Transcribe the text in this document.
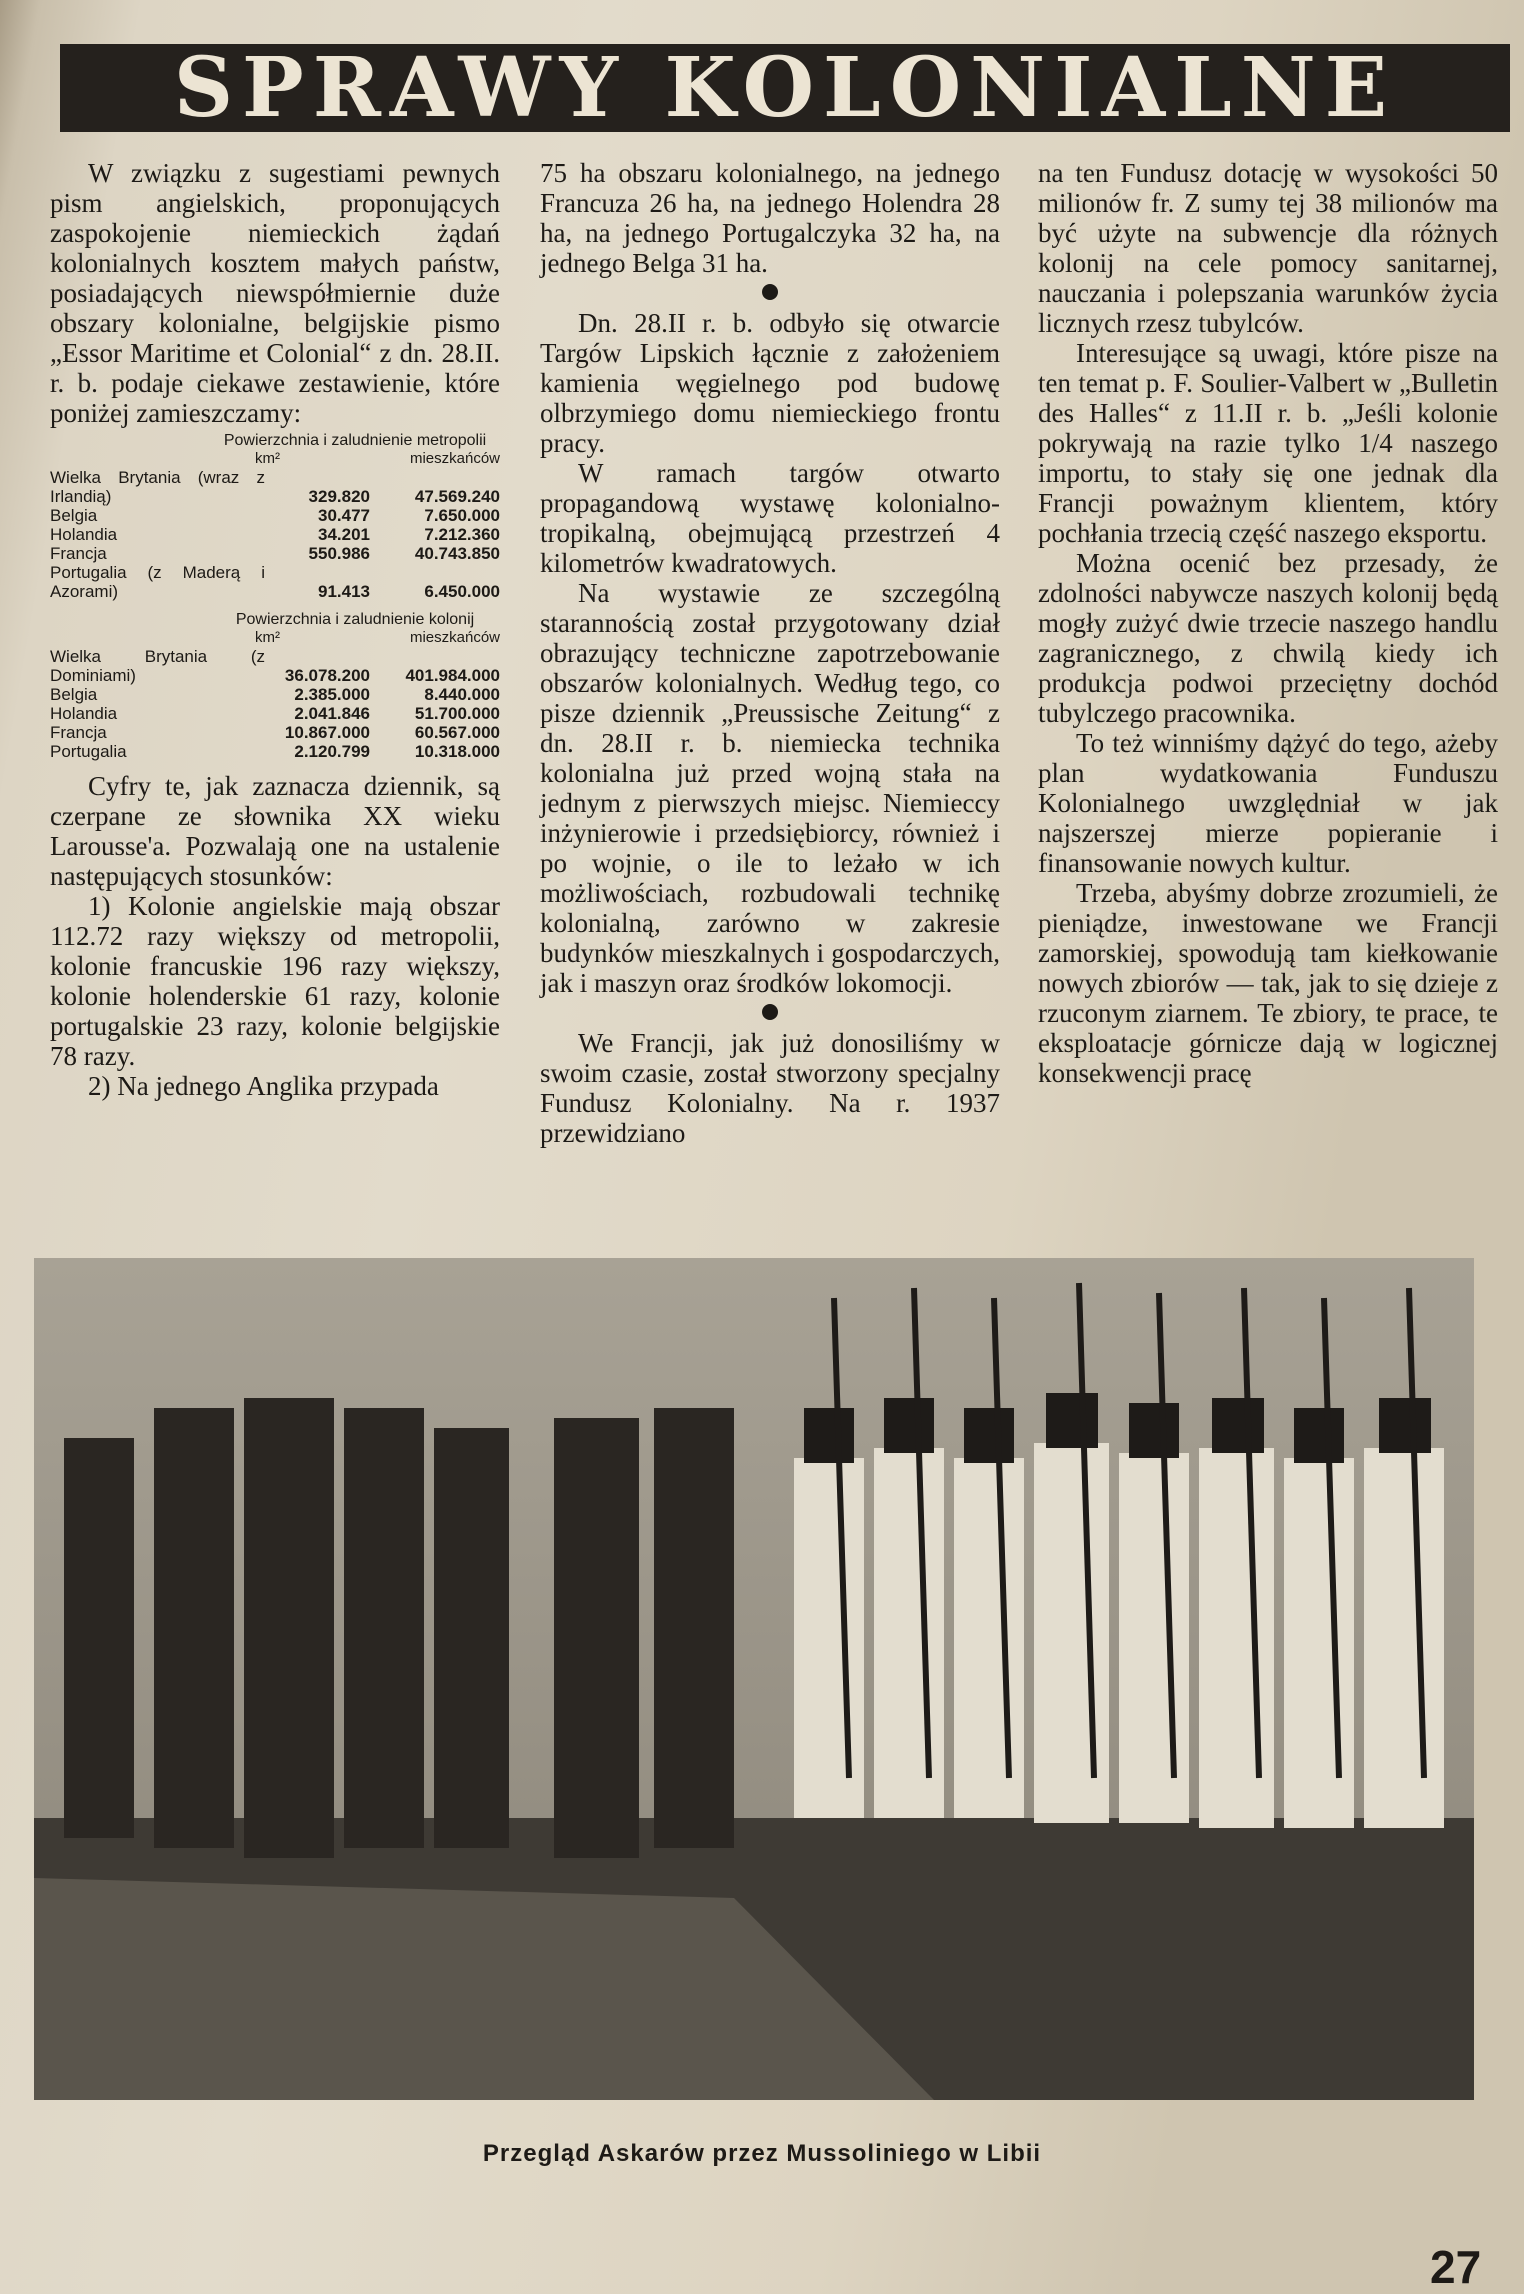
SPRAWY KOLONIALNE

W związku z sugestiami pewnych pism angielskich, proponujących zaspokojenie niemieckich żądań kolonialnych kosztem małych państw, posiadających niewspółmiernie duże obszary kolonialne, belgijskie pismo „Essor Maritime et Colonial“ z dn. 28.II. r. b. podaje ciekawe zestawienie, które poniżej zamieszczamy:

Powierzchnia i zaludnienie metropolii
km²	mieszkańców
Wielka Brytania (wraz z Irlandią)	329.820	47.569.240
Belgia	30.477	7.650.000
Holandia	34.201	7.212.360
Francja	550.986	40.743.850
Portugalia (z Maderą i Azorami)	91.413	6.450.000
Powierzchnia i zaludnienie kolonij
km²	mieszkańców
Wielka Brytania (z Dominiami)	36.078.200	401.984.000
Belgia	2.385.000	8.440.000
Holandia	2.041.846	51.700.000
Francja	10.867.000	60.567.000
Portugalia	2.120.799	10.318.000

Cyfry te, jak zaznacza dziennik, są czerpane ze słownika XX wieku Larousse'a. Pozwalają one na ustalenie następujących stosunków:

1) Kolonie angielskie mają obszar 112.72 razy większy od metropolii, kolonie francuskie 196 razy większy, kolonie holenderskie 61 razy, kolonie portugalskie 23 razy, kolonie belgijskie 78 razy.

2) Na jednego Anglika przypada

75 ha obszaru kolonialnego, na jednego Francuza 26 ha, na jednego Holendra 28 ha, na jednego Portugalczyka 32 ha, na jednego Belga 31 ha.

Dn. 28.II r. b. odbyło się otwarcie Targów Lipskich łącznie z założeniem kamienia węgielnego pod budowę olbrzymiego domu niemieckiego frontu pracy.

W ramach targów otwarto propagandową wystawę kolonialno-tropikalną, obejmującą przestrzeń 4 kilometrów kwadratowych.

Na wystawie ze szczególną starannością został przygotowany dział obrazujący techniczne zapotrzebowanie obszarów kolonialnych. Według tego, co pisze dziennik „Preussische Zeitung“ z dn. 28.II r. b. niemiecka technika kolonialna już przed wojną stała na jednym z pierwszych miejsc. Niemieccy inżynierowie i przedsiębiorcy, również i po wojnie, o ile to leżało w ich możliwościach, rozbudowali technikę kolonialną, zarówno w zakresie budynków mieszkalnych i gospodarczych, jak i maszyn oraz środków lokomocji.

We Francji, jak już donosiliśmy w swoim czasie, został stworzony specjalny Fundusz Kolonialny. Na r. 1937 przewidziano

na ten Fundusz dotację w wysokości 50 milionów fr. Z sumy tej 38 milionów ma być użyte na subwencje dla różnych kolonij na cele pomocy sanitarnej, nauczania i polepszania warunków życia licznych rzesz tubylców.

Interesujące są uwagi, które pisze na ten temat p. F. Soulier-Valbert w „Bulletin des Halles“ z 11.II r. b. „Jeśli kolonie pokrywają na razie tylko 1/4 naszego importu, to stały się one jednak dla Francji poważnym klientem, który pochłania trzecią część naszego eksportu.

Można ocenić bez przesady, że zdolności nabywcze naszych kolonij będą mogły zużyć dwie trzecie naszego handlu zagranicznego, z chwilą kiedy ich produkcja podwoi przeciętny dochód tubylczego pracownika.

To też winniśmy dążyć do tego, ażeby plan wydatkowania Funduszu Kolonialnego uwzględniał w jak najszerszej mierze popieranie i finansowanie nowych kultur.

Trzeba, abyśmy dobrze zrozumieli, że pieniądze, inwestowane we Francji zamorskiej, spowodują tam kiełkowanie nowych zbiorów — tak, jak to się dzieje z rzuconym ziarnem. Te zbiory, te prace, te eksploatacje górnicze dają w logicznej konsekwencji pracę

Przegląd Askarów przez Mussoliniego w Libii
27
